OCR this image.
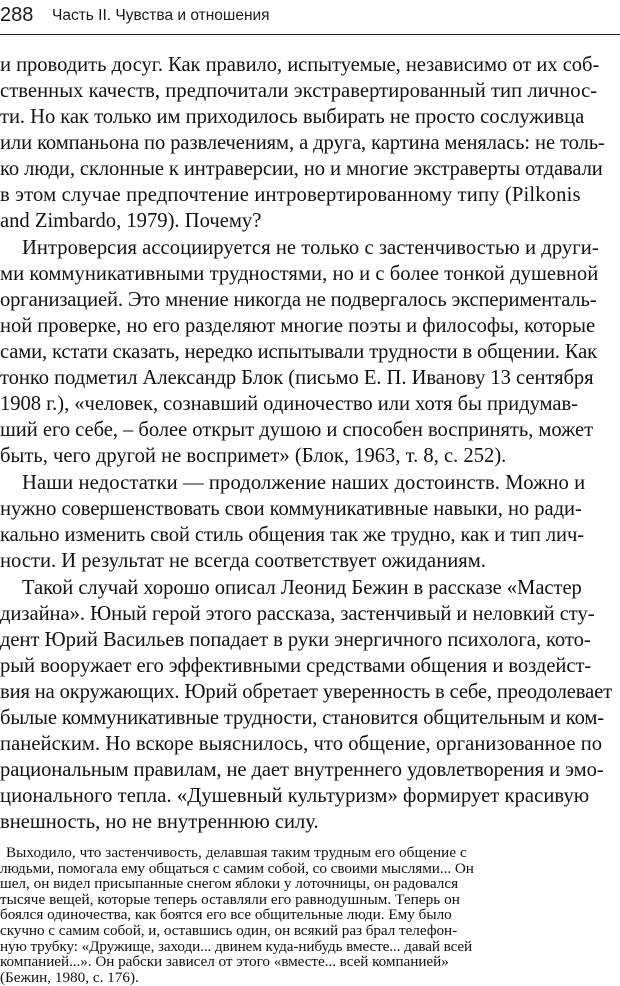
288 Часть II. Чувства и отношения
и проводить досуг. Как правило, испытуемые, независимо от их соб-
ственных качеств, предпочитали экстравертированный тип личнос-
ти. Но как только им приходилось выбирать не просто сослуживца
или компаньона по развлечениям, а друга, картина менялась: не толь-
ко люди, склонные к интраверсии, но и многие экстраверты отдавали
в этом случае предпочтение интровертированному типу (Pilkonis
and Zimbardo, 1979). Почему?
Интроверсия ассоциируется не только с застенчивостью и други-
ми коммуникативными трудностями, но и с более тонкой душевной
организацией. Это мнение никогда не подвергалось эксперименталь-
ной проверке, но его разделяют многие поэты и философы, которые
сами, кстати сказать, нередко испытывали трудности в общении. Как
тонко подметил Александр Блок (письмо Е. П. Иванову 13 сентября
1908 г.), «человек, сознавший одиночество или хотя бы придумав-
ший его себе, – более открыт душою и способен воспринять, может
быть, чего другой не воспримет» (Блок, 1963, т. 8, с. 252).
Наши недостатки — продолжение наших достоинств. Можно и
нужно совершенствовать свои коммуникативные навыки, но ради-
кально изменить свой стиль общения так же трудно, как и тип лич-
ности. И результат не всегда соответствует ожиданиям.
Такой случай хорошо описал Леонид Бежин в рассказе «Мастер
дизайна». Юный герой этого рассказа, застенчивый и неловкий сту-
дент Юрий Васильев попадает в руки энергичного психолога, кото-
рый вооружает его эффективными средствами общения и воздейст-
вия на окружающих. Юрий обретает уверенность в себе, преодолевает
былые коммуникативные трудности, становится общительным и ком-
панейским. Но вскоре выяснилось, что общение, организованное по
рациональным правилам, не дает внутреннего удовлетворения и эмо-
ционального тепла. «Душевный культуризм» формирует красивую
внешность, но не внутреннюю силу.
Выходило, что застенчивость, делавшая таким трудным его общение с
людьми, помогала ему общаться с самим собой, со своими мыслями... Он
шел, он видел присыпанные снегом яблоки у лоточницы, он радовался
тысяче вещей, которые теперь оставляли его равнодушным. Теперь он
боялся одиночества, как боятся его все общительные люди. Ему было
скучно с самим собой, и, оставшись один, он всякий раз брал телефон-
ную трубку: «Дружище, заходи... двинем куда-нибудь вместе... давай всей
компанией...». Он рабски зависел от этого «вместе... всей компанией»
(Бежин, 1980, с. 176).
